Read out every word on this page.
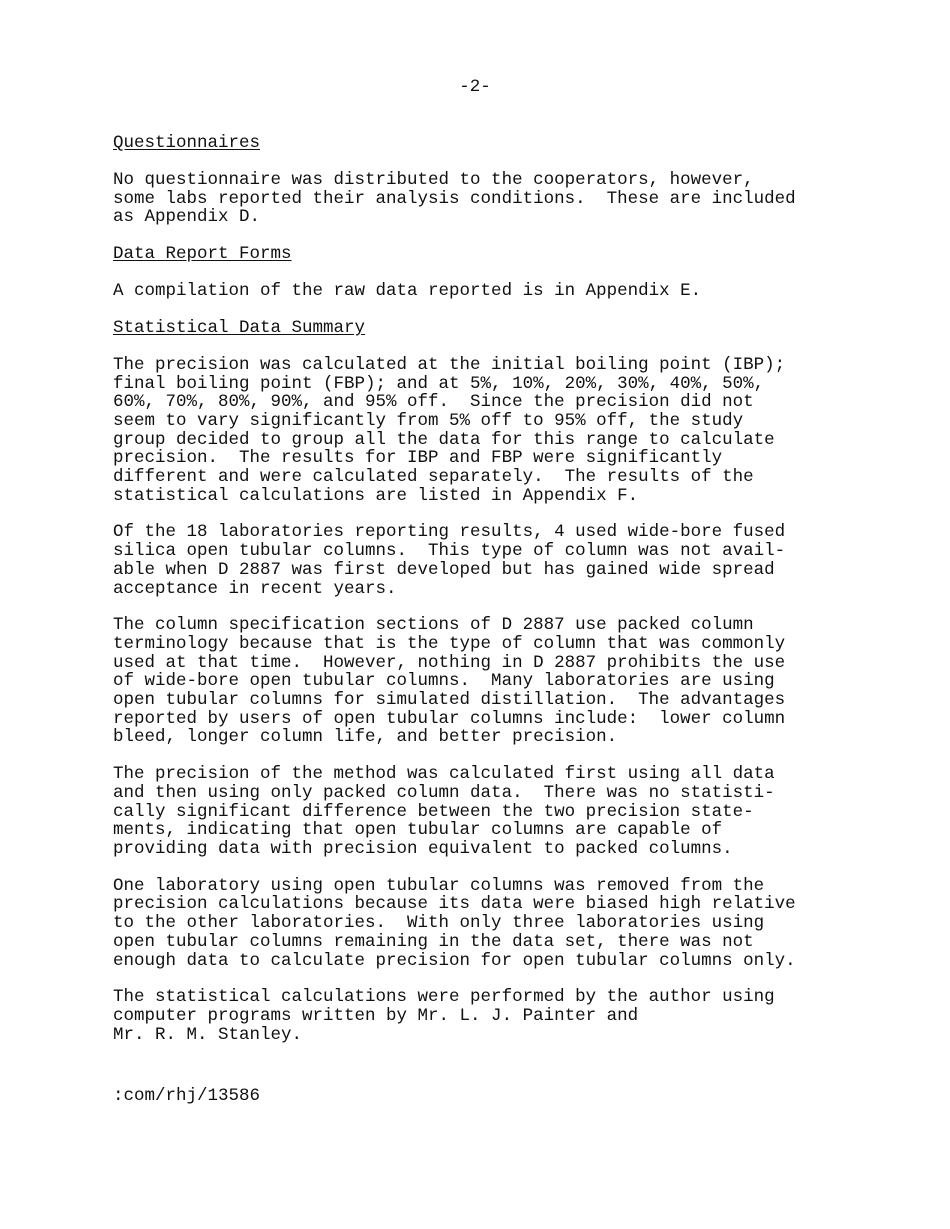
-2-
Questionnaires
No questionnaire was distributed to the cooperators, however,
some labs reported their analysis conditions.  These are included
as Appendix D.
Data Report Forms
A compilation of the raw data reported is in Appendix E.
Statistical Data Summary
The precision was calculated at the initial boiling point (IBP);
final boiling point (FBP); and at 5%, 10%, 20%, 30%, 40%, 50%,
60%, 70%, 80%, 90%, and 95% off.  Since the precision did not
seem to vary significantly from 5% off to 95% off, the study
group decided to group all the data for this range to calculate
precision.  The results for IBP and FBP were significantly
different and were calculated separately.  The results of the
statistical calculations are listed in Appendix F.
Of the 18 laboratories reporting results, 4 used wide-bore fused
silica open tubular columns.  This type of column was not avail-
able when D 2887 was first developed but has gained wide spread
acceptance in recent years.
The column specification sections of D 2887 use packed column
terminology because that is the type of column that was commonly
used at that time.  However, nothing in D 2887 prohibits the use
of wide-bore open tubular columns.  Many laboratories are using
open tubular columns for simulated distillation.  The advantages
reported by users of open tubular columns include:  lower column
bleed, longer column life, and better precision.
The precision of the method was calculated first using all data
and then using only packed column data.  There was no statisti-
cally significant difference between the two precision state-
ments, indicating that open tubular columns are capable of
providing data with precision equivalent to packed columns.
One laboratory using open tubular columns was removed from the
precision calculations because its data were biased high relative
to the other laboratories.  With only three laboratories using
open tubular columns remaining in the data set, there was not
enough data to calculate precision for open tubular columns only.
The statistical calculations were performed by the author using
computer programs written by Mr. L. J. Painter and
Mr. R. M. Stanley.
:com/rhj/13586
